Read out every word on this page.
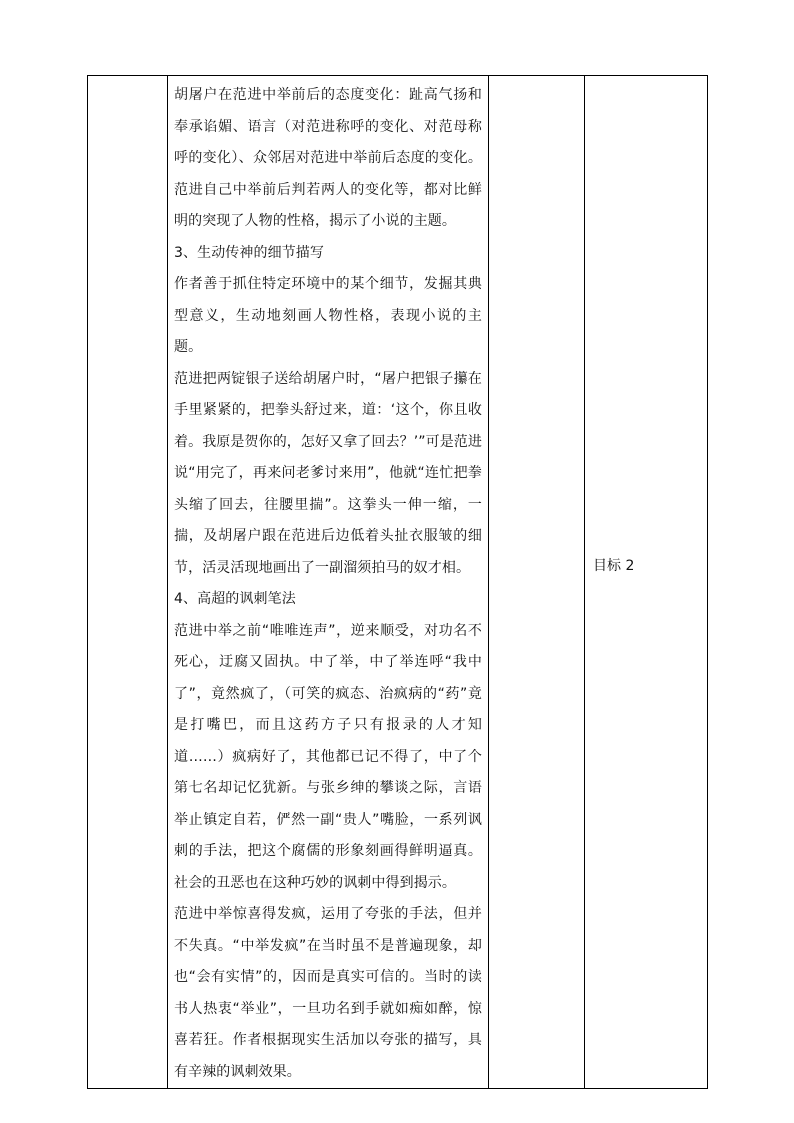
胡屠户在范进中举前后的态度变化：趾高气扬和奉承谄媚、语言（对范进称呼的变化、对范母称呼的变化）、众邻居对范进中举前后态度的变化。范进自己中举前后判若两人的变化等，都对比鲜明的突现了人物的性格，揭示了小说的主题。

3、生动传神的细节描写

作者善于抓住特定环境中的某个细节，发掘其典型意义，生动地刻画人物性格，表现小说的主题。

范进把两锭银子送给胡屠户时，“屠户把银子攥在手里紧紧的，把拳头舒过来，道：‘这个，你且收着。我原是贺你的，怎好又拿了回去？’”可是范进说“用完了，再来问老爹讨来用”，他就“连忙把拳头缩了回去，往腰里揣”。这拳头一伸一缩，一揣，及胡屠户跟在范进后边低着头扯衣服皱的细节，活灵活现地画出了一副溜须拍马的奴才相。

4、高超的讽刺笔法

范进中举之前“唯唯连声”，逆来顺受，对功名不死心，迂腐又固执。中了举，中了举连呼“我中了”，竟然疯了，（可笑的疯态、治疯病的“药”竟是打嘴巴，而且这药方子只有报录的人才知道……）疯病好了，其他都已记不得了，中了个第七名却记忆犹新。与张乡绅的攀谈之际，言语举止镇定自若，俨然一副“贵人”嘴脸，一系列讽刺的手法，把这个腐儒的形象刻画得鲜明逼真。社会的丑恶也在这种巧妙的讽刺中得到揭示。

范进中举惊喜得发疯，运用了夸张的手法，但并不失真。“中举发疯”在当时虽不是普遍现象，却也“会有实情”的，因而是真实可信的。当时的读书人热衷“举业”，一旦功名到手就如痴如醉，惊喜若狂。作者根据现实生活加以夸张的描写，具有辛辣的讽刺效果。

目标 2
